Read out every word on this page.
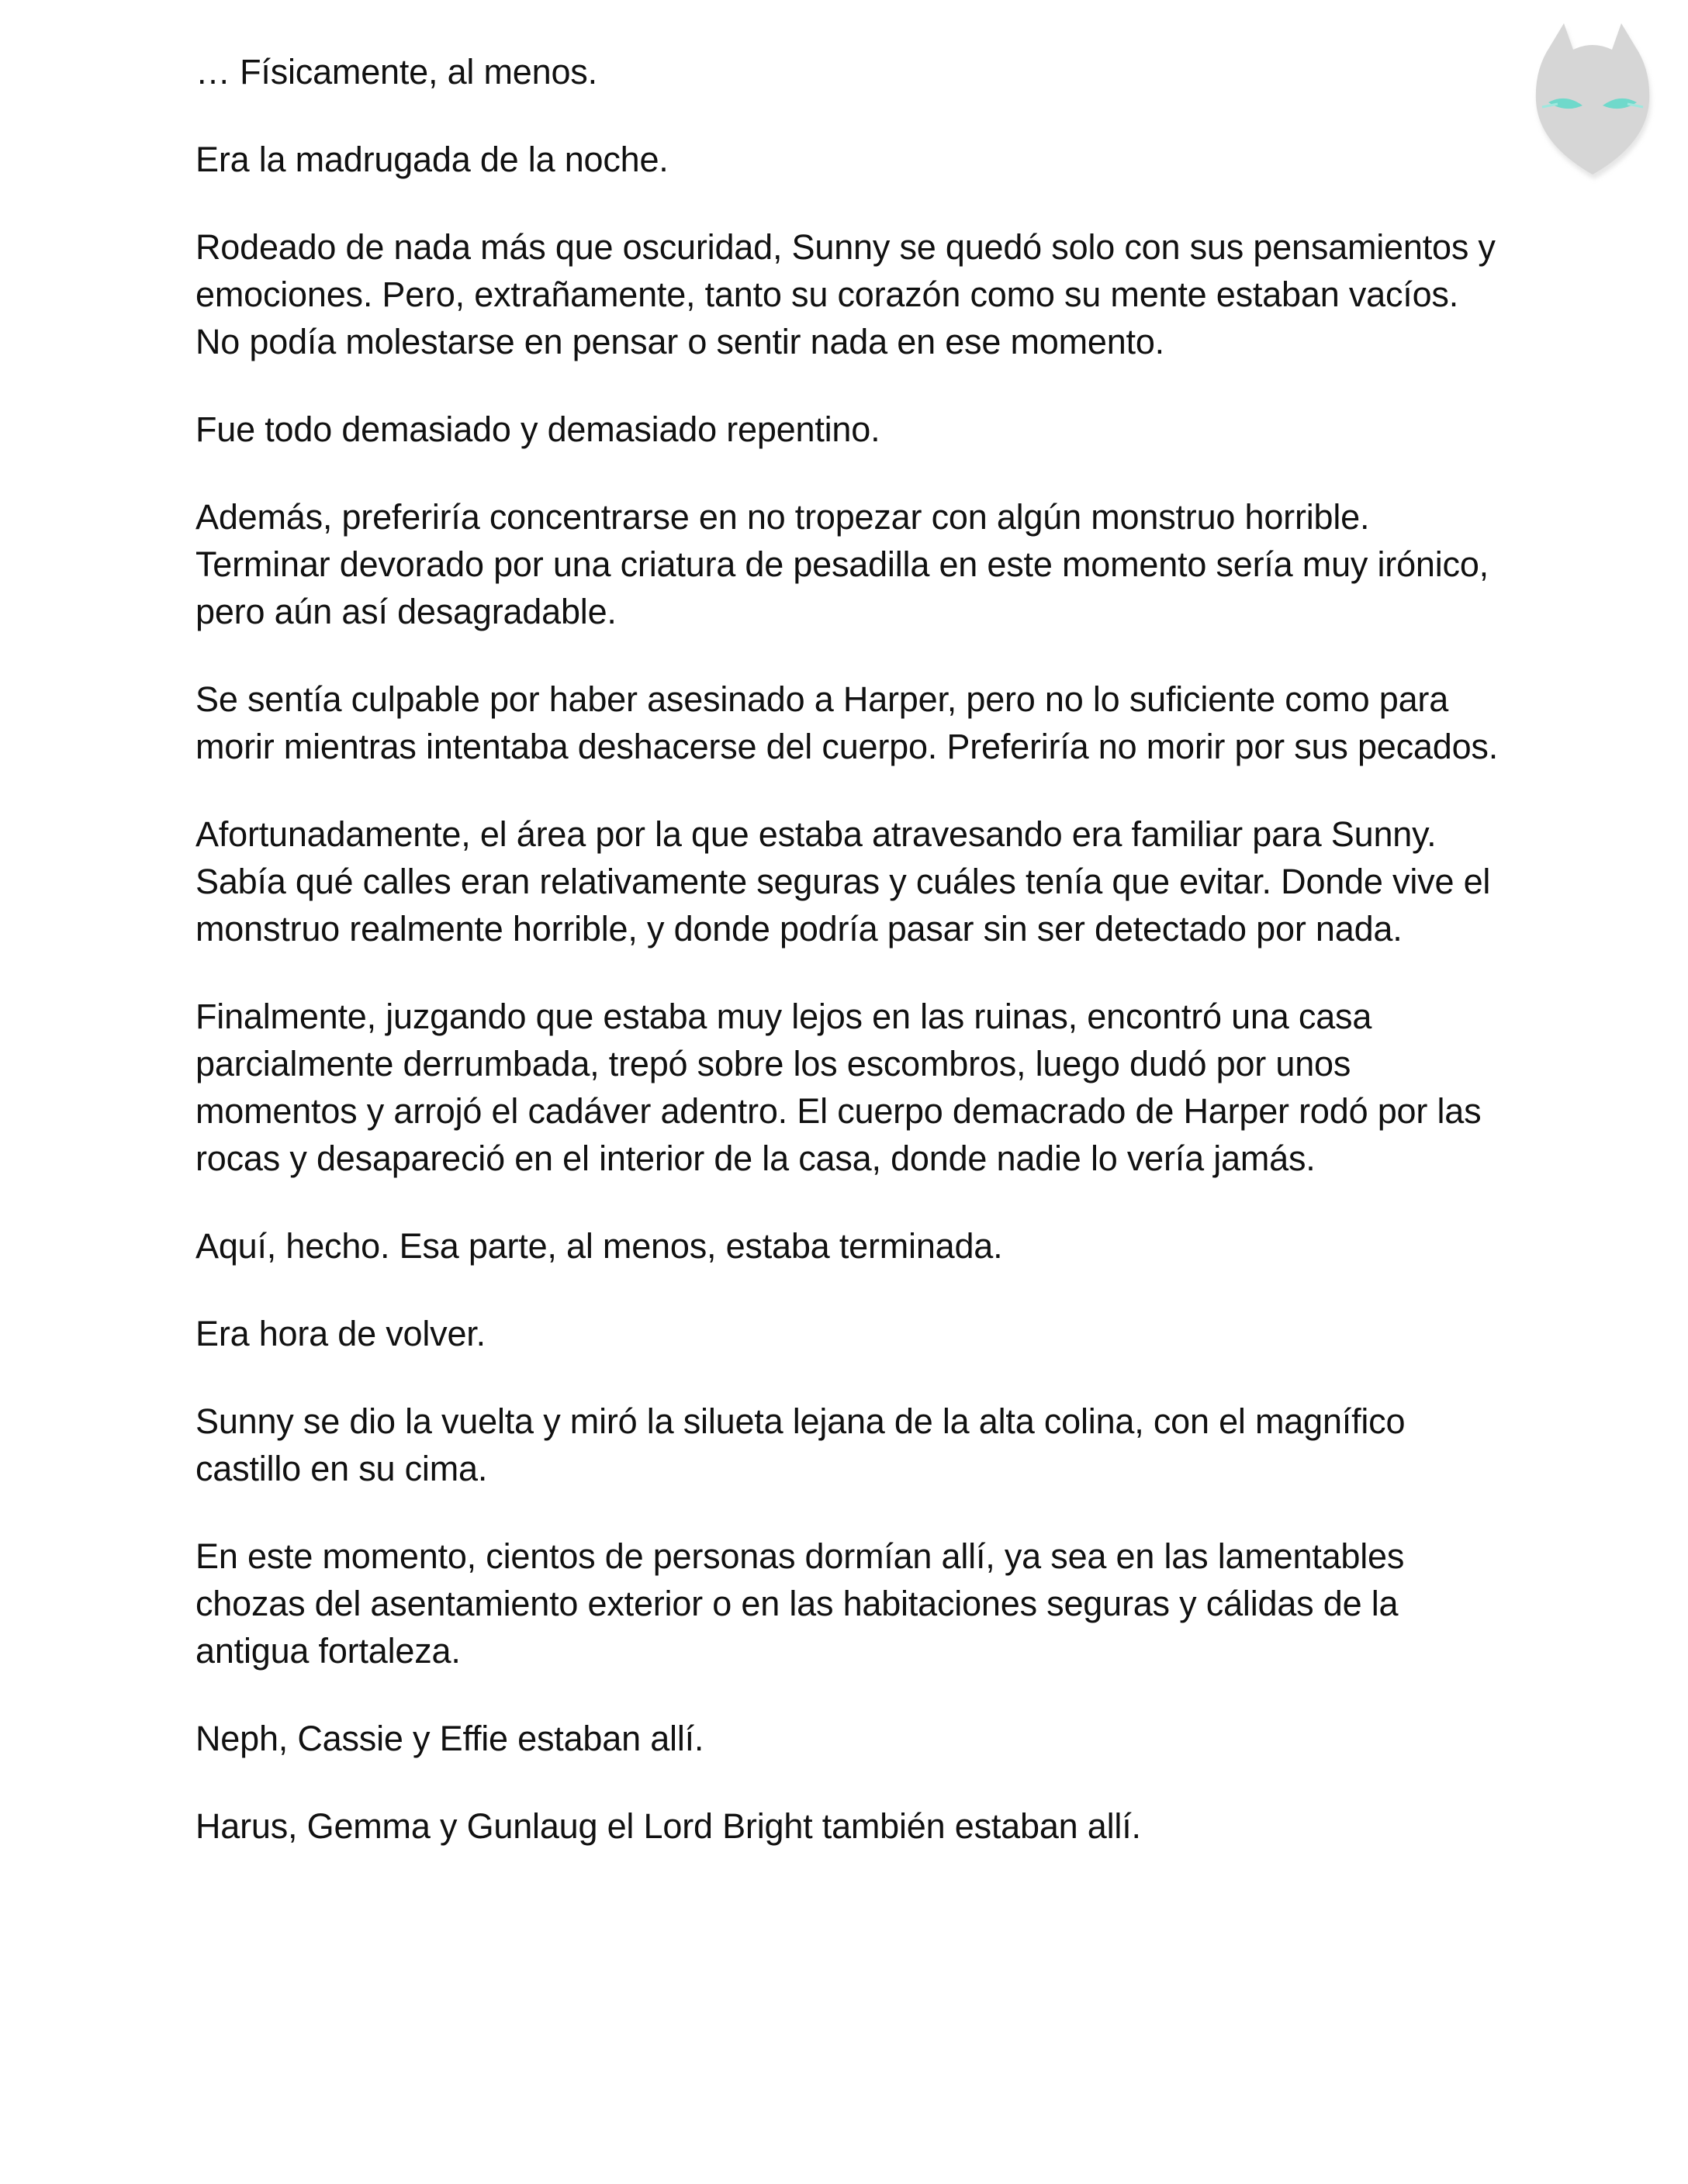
… Físicamente, al menos.

Era la madrugada de la noche.

Rodeado de nada más que oscuridad, Sunny se quedó solo con sus pensamientos y emociones. Pero, extrañamente, tanto su corazón como su mente estaban vacíos. No podía molestarse en pensar o sentir nada en ese momento.

Fue todo demasiado y demasiado repentino.

Además, preferiría concentrarse en no tropezar con algún monstruo horrible. Terminar devorado por una criatura de pesadilla en este momento sería muy irónico, pero aún así desagradable.

Se sentía culpable por haber asesinado a Harper, pero no lo suficiente como para morir mientras intentaba deshacerse del cuerpo. Preferiría no morir por sus pecados.

Afortunadamente, el área por la que estaba atravesando era familiar para Sunny. Sabía qué calles eran relativamente seguras y cuáles tenía que evitar. Donde vive el monstruo realmente horrible, y donde podría pasar sin ser detectado por nada.

Finalmente, juzgando que estaba muy lejos en las ruinas, encontró una casa parcialmente derrumbada, trepó sobre los escombros, luego dudó por unos momentos y arrojó el cadáver adentro. El cuerpo demacrado de Harper rodó por las rocas y desapareció en el interior de la casa, donde nadie lo vería jamás.

Aquí, hecho. Esa parte, al menos, estaba terminada.

Era hora de volver.

Sunny se dio la vuelta y miró la silueta lejana de la alta colina, con el magnífico castillo en su cima.

En este momento, cientos de personas dormían allí, ya sea en las lamentables chozas del asentamiento exterior o en las habitaciones seguras y cálidas de la antigua fortaleza.

Neph, Cassie y Effie estaban allí.

Harus, Gemma y Gunlaug el Lord Bright también estaban allí.
